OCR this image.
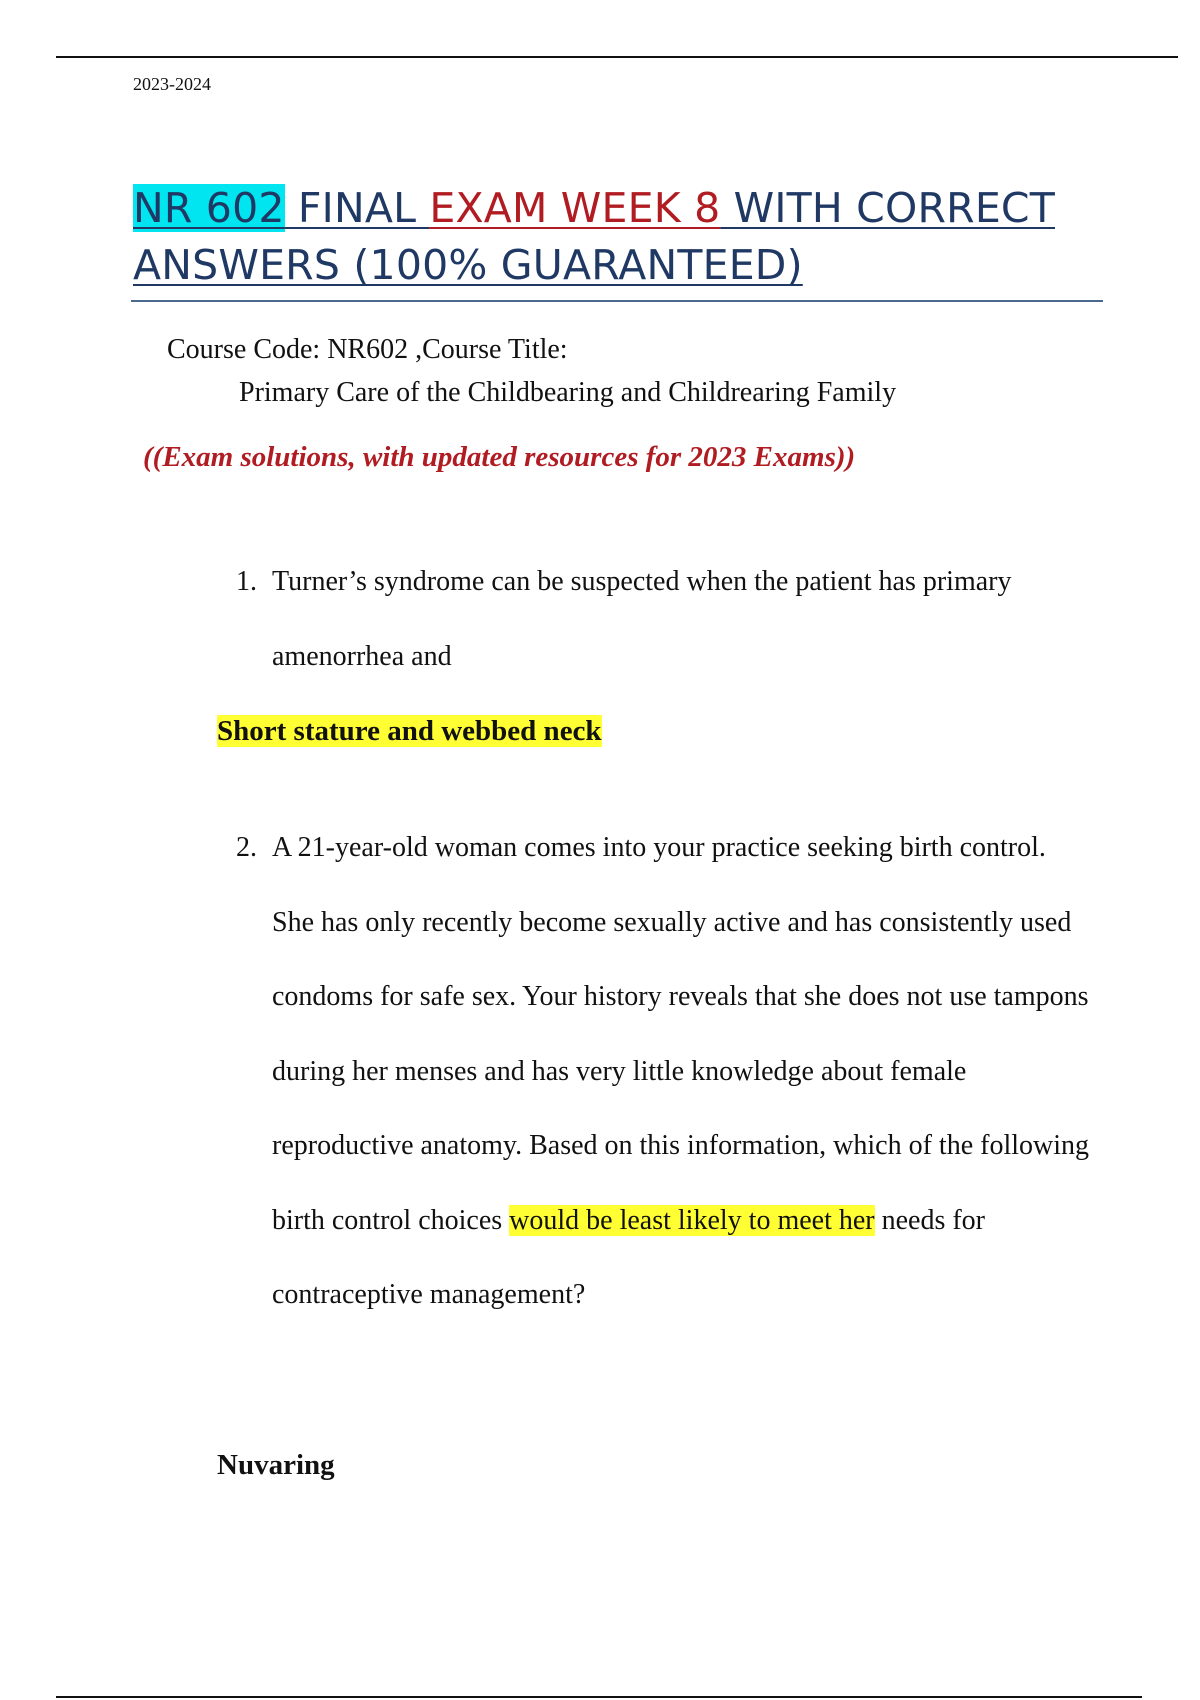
2023-2024
NR 602 FINAL EXAM WEEK 8 WITH CORRECT ANSWERS (100% GUARANTEED)
Course Code: NR602 ,Course Title:
Primary Care of the Childbearing and Childrearing Family
((Exam solutions, with updated resources for 2023 Exams))
1. Turner’s syndrome can be suspected when the patient has primary amenorrhea and
Short stature and webbed neck
2. A 21-year-old woman comes into your practice seeking birth control. She has only recently become sexually active and has consistently used condoms for safe sex. Your history reveals that she does not use tampons during her menses and has very little knowledge about female reproductive anatomy. Based on this information, which of the following birth control choices would be least likely to meet her needs for contraceptive management?
Nuvaring
